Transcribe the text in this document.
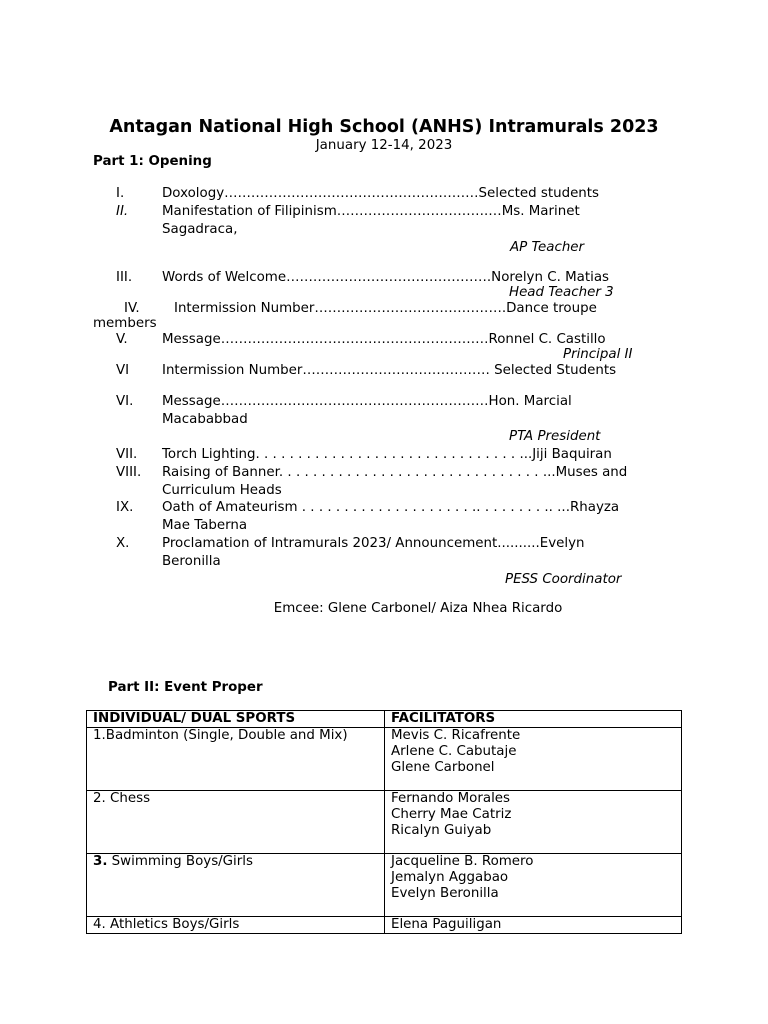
Antagan National High School (ANHS) Intramurals 2023
January 12-14, 2023
Part 1: Opening
I.	Doxology…………………………………………………Selected students
II.	Manifestation of Filipinism…………………………….…Ms. Marinet
Sagadraca,
AP Teacher
III. Words of Welcome……………………………………….Norelyn C. Matias
Head Teacher 3
IV.	Intermission Number…………………………………….Dance troupe
members
V.	Message……………………………………………………Ronnel C. Castillo
Principal II
VI Intermission Number…………………………………… Selected Students
VI. Message……………………………………………………Hon. Marcial
Macababbad
PTA President
VII. Torch Lighting. . . . . . . . . . . . . . . . . . . . . . . . . . . . . . . ...Jiji Baquiran
VIII. Raising of Banner. . . . . . . . . . . . . . . . . . . . . . . . . . . . . . . ...Muses and
Curriculum Heads
IX. Oath of Amateurism . . . . . . . . . . . . . . . . . . . . .. . . . . . . . .. ...Rhayza
Mae Taberna
X. Proclamation of Intramurals 2023/ Announcement..........Evelyn
Beronilla
PESS Coordinator
Emcee: Glene Carbonel/ Aiza Nhea Ricardo
Part II: Event Proper
INDIVIDUAL/ DUAL SPORTS	FACILITATORS
1.Badminton (Single, Double and Mix)	Mevis C. Ricafrente
Arlene C. Cabutaje
Glene Carbonel

2. Chess	Fernando Morales
Cherry Mae Catriz
Ricalyn Guiyab

3. Swimming Boys/Girls	Jacqueline B. Romero
Jemalyn Aggabao
Evelyn Beronilla

4. Athletics Boys/Girls	Elena Paguiligan
